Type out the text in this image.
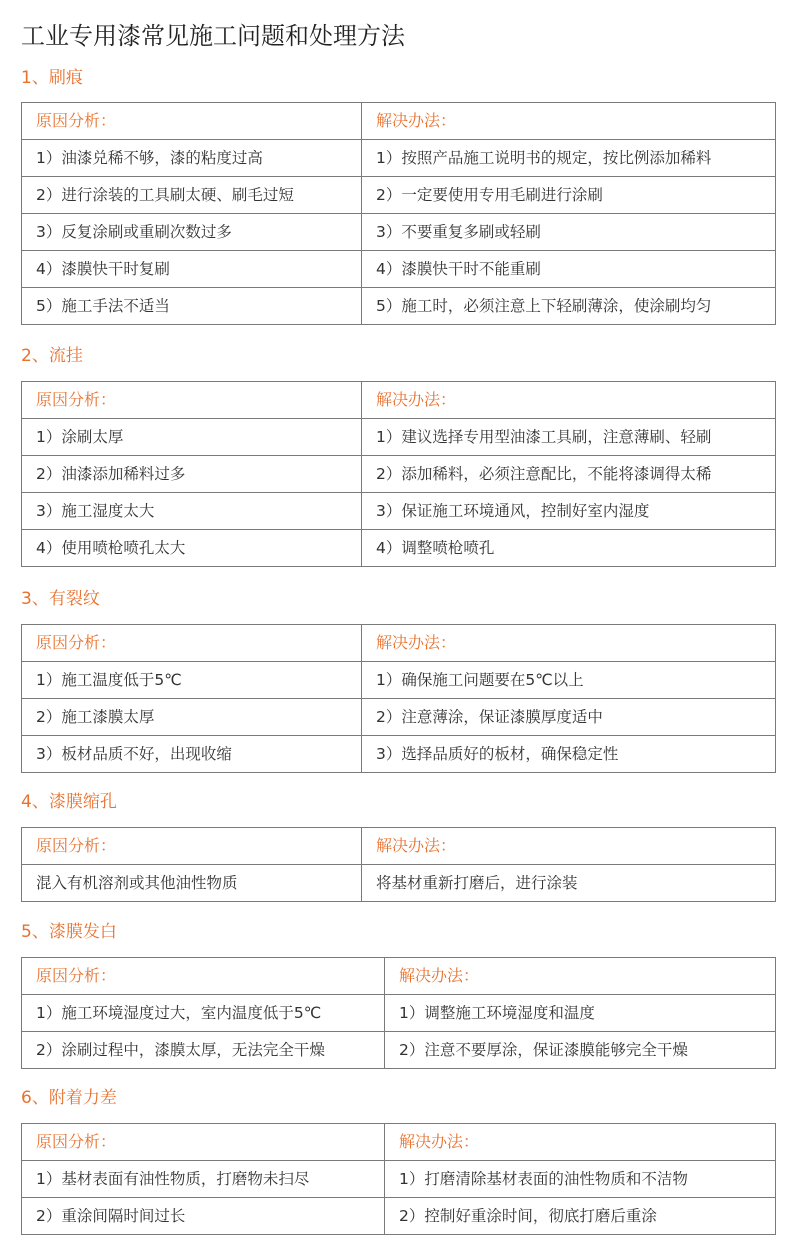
工业专用漆常见施工问题和处理方法
1、刷痕
原因分析：	解决办法：
1）油漆兑稀不够，漆的粘度过高	1）按照产品施工说明书的规定，按比例添加稀料
2）进行涂装的工具刷太硬、刷毛过短	2）一定要使用专用毛刷进行涂刷
3）反复涂刷或重刷次数过多	3）不要重复多刷或轻刷
4）漆膜快干时复刷	4）漆膜快干时不能重刷
5）施工手法不适当	5）施工时，必须注意上下轻刷薄涂，使涂刷均匀
2、流挂
原因分析：	解决办法：
1）涂刷太厚	1）建议选择专用型油漆工具刷，注意薄刷、轻刷
2）油漆添加稀料过多	2）添加稀料，必须注意配比，不能将漆调得太稀
3）施工湿度太大	3）保证施工环境通风，控制好室内湿度
4）使用喷枪喷孔太大	4）调整喷枪喷孔
3、有裂纹
原因分析：	解决办法：
1）施工温度低于5℃	1）确保施工问题要在5℃以上
2）施工漆膜太厚	2）注意薄涂，保证漆膜厚度适中
3）板材品质不好，出现收缩	3）选择品质好的板材，确保稳定性
4、漆膜缩孔
原因分析：	解决办法：
混入有机溶剂或其他油性物质	将基材重新打磨后，进行涂装
5、漆膜发白
原因分析：	解决办法：
1）施工环境湿度过大，室内温度低于5℃	1）调整施工环境湿度和温度
2）涂刷过程中，漆膜太厚，无法完全干燥	2）注意不要厚涂，保证漆膜能够完全干燥
6、附着力差
原因分析：	解决办法：
1）基材表面有油性物质，打磨物未扫尽	1）打磨清除基材表面的油性物质和不洁物
2）重涂间隔时间过长	2）控制好重涂时间，彻底打磨后重涂
